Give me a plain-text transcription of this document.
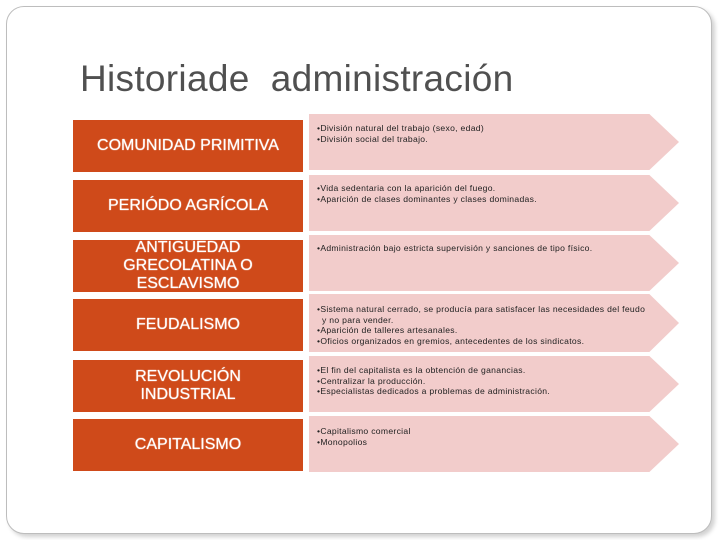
Historiade  administración
COMUNIDAD PRIMITIVA
• División natural del trabajo (sexo, edad)
• División social del trabajo.
PERIÓDO AGRÍCOLA
• Vida sedentaria con la aparición del fuego.
• Aparición de clases dominantes y clases dominadas.
ANTIGÜEDAD GRECOLATINA O ESCLAVISMO
• Administración bajo estricta supervisión y sanciones de tipo físico.
FEUDALISMO
• Sistema natural cerrado, se producía para satisfacer las necesidades del feudo y no para vender.
• Aparición de talleres artesanales.
• Oficios organizados en gremios, antecedentes de los sindicatos.
REVOLUCIÓN INDUSTRIAL
• El fin del capitalista es la obtención de ganancias.
• Centralizar la producción.
• Especialistas dedicados a problemas de administración.
CAPITALISMO
• Capitalismo comercial
• Monopolios
